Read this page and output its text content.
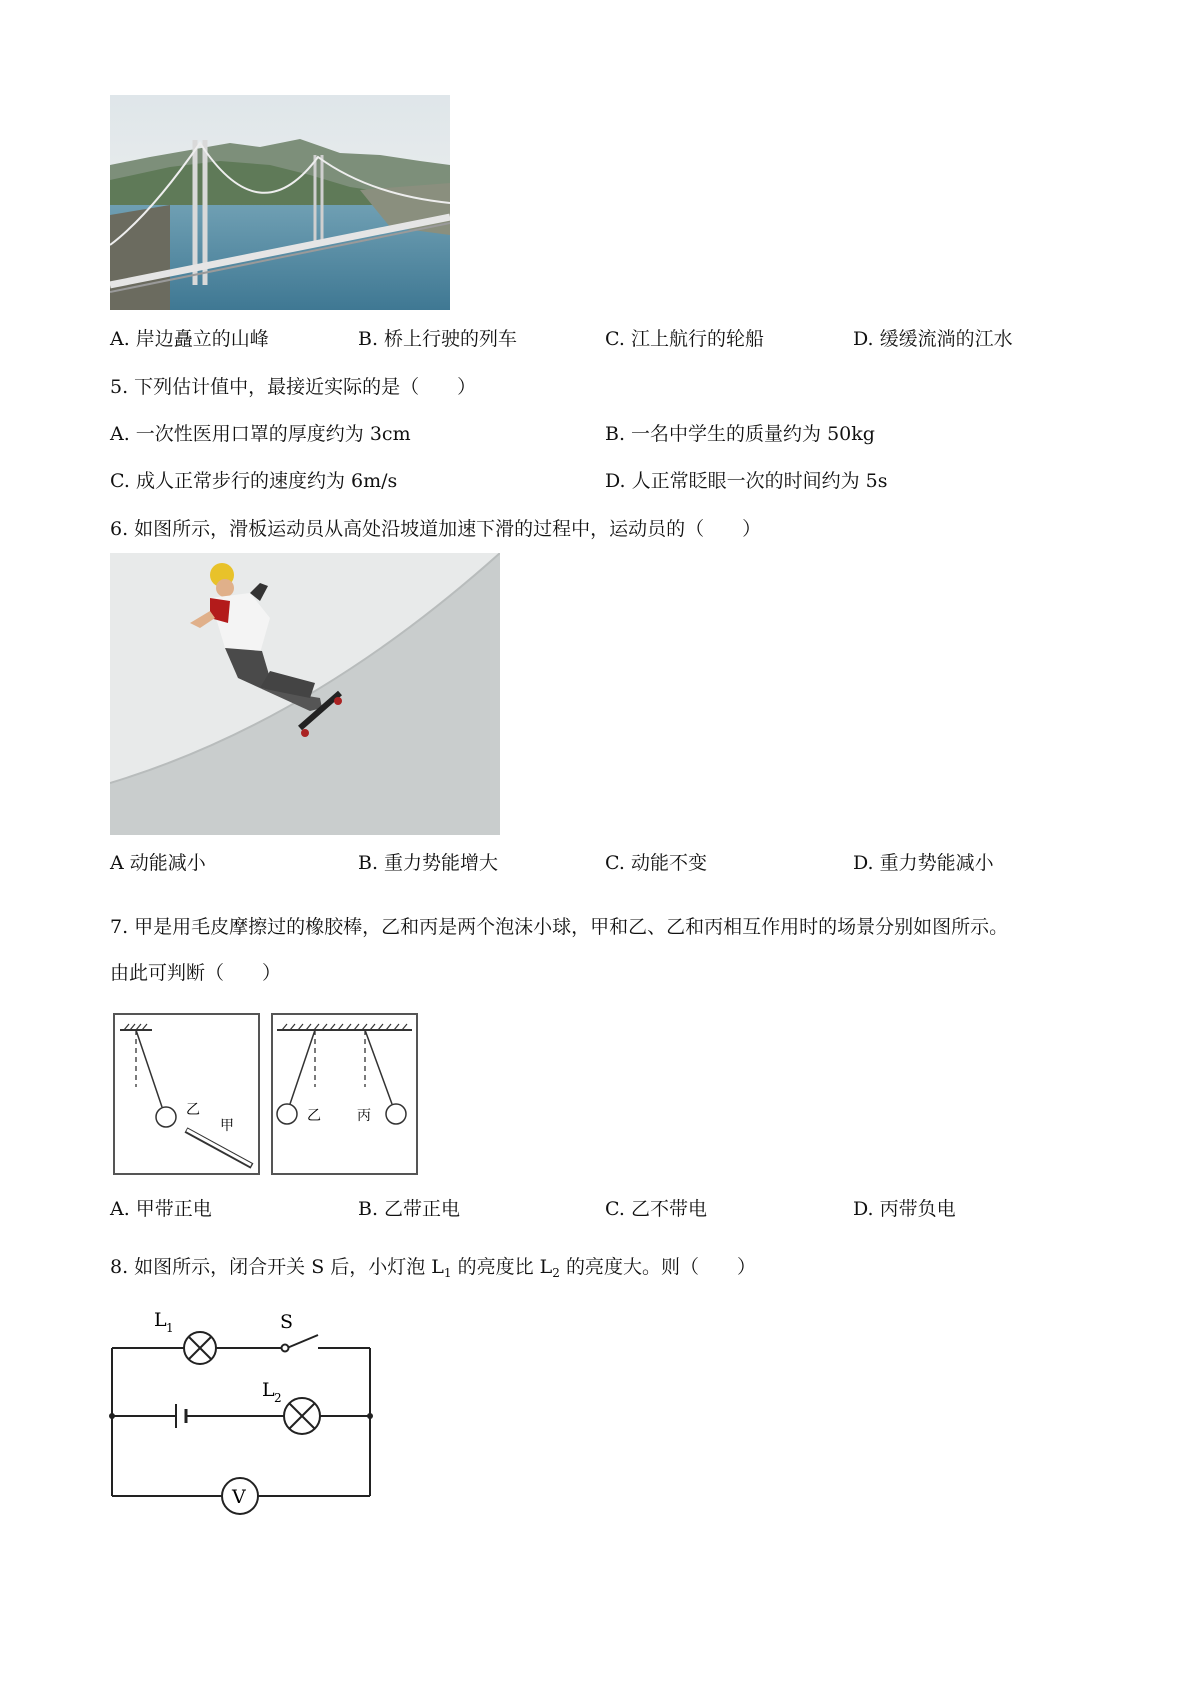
A. 岸边矗立的山峰	B. 桥上行驶的列车	C. 江上航行的轮船	D. 缓缓流淌的江水
5. 下列估计值中，最接近实际的是（　　）
A. 一次性医用口罩的厚度约为 3cm	B. 一名中学生的质量约为 50kg
C. 成人正常步行的速度约为 6m/s	D. 人正常眨眼一次的时间约为 5s
6. 如图所示，滑板运动员从高处沿坡道加速下滑的过程中，运动员的（　　）
A 动能减小	B. 重力势能增大	C. 动能不变	D. 重力势能减小
7. 甲是用毛皮摩擦过的橡胶棒，乙和丙是两个泡沫小球，甲和乙、乙和丙相互作用时的场景分别如图所示。
由此可判断（　　）
乙
甲
乙	丙
A. 甲带正电	B. 乙带正电	C. 乙不带电	D. 丙带负电
8. 如图所示，闭合开关 S 后，小灯泡 $L_1$ 的亮度比 $L_2$ 的亮度大。则（　　）
L 1	S
L 2
V
